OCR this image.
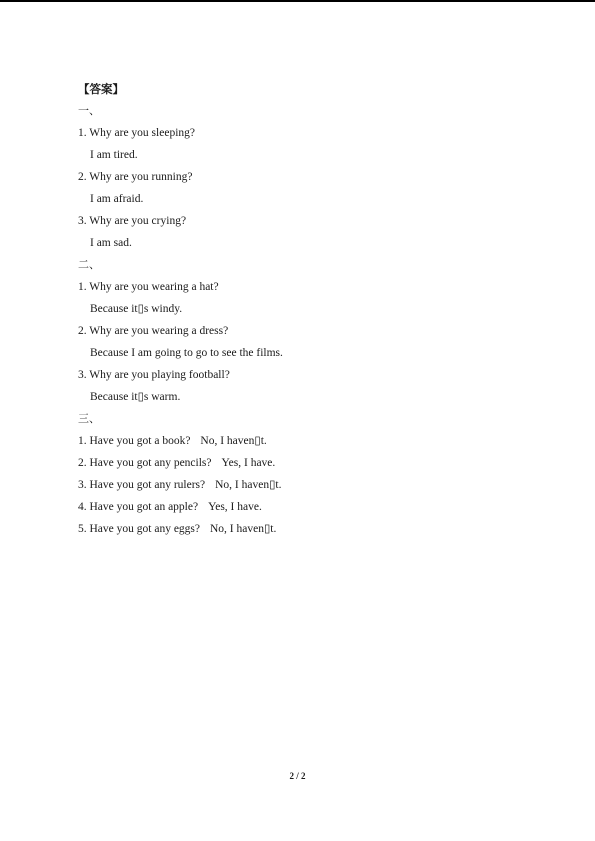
【答案】
一、
1. Why are you sleeping?
I am tired.
2. Why are you running?
I am afraid.
3. Why are you crying?
I am sad.
二、
1. Why are you wearing a hat?
Because it▯s windy.
2. Why are you wearing a dress?
Because I am going to go to see the films.
3. Why are you playing football?
Because it▯s warm.
三、
1. Have you got a book? No, I haven▯t.
2. Have you got any pencils? Yes, I have.
3. Have you got any rulers? No, I haven▯t.
4. Have you got an apple? Yes, I have.
5. Have you got any eggs? No, I haven▯t.
2 / 2
